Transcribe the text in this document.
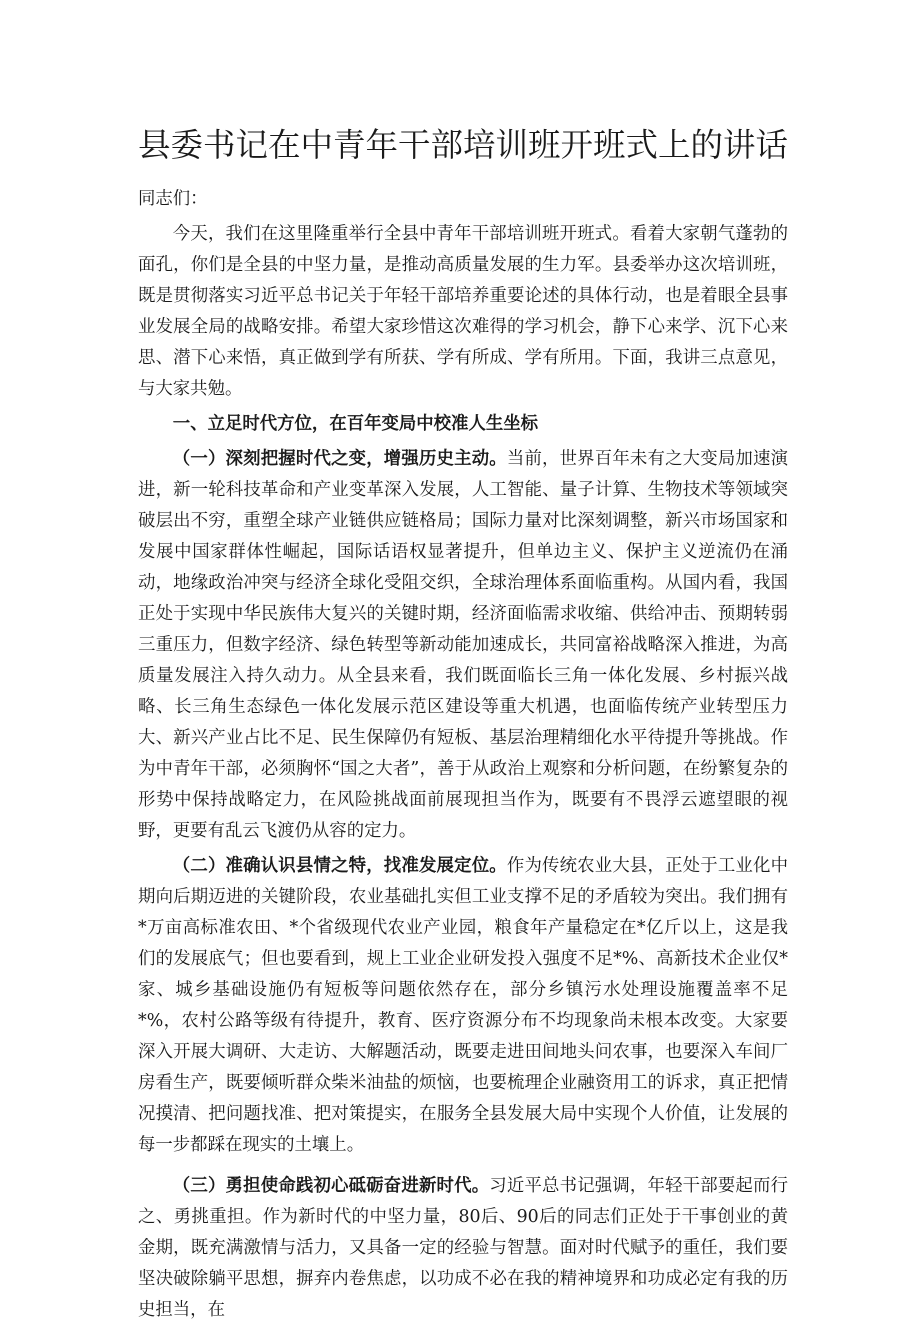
县委书记在中青年干部培训班开班式上的讲话

同志们：

今天，我们在这里隆重举行全县中青年干部培训班开班式。看着大家朝气蓬勃的面孔，你们是全县的中坚力量，是推动高质量发展的生力军。县委举办这次培训班，既是贯彻落实习近平总书记关于年轻干部培养重要论述的具体行动，也是着眼全县事业发展全局的战略安排。希望大家珍惜这次难得的学习机会，静下心来学、沉下心来思、潜下心来悟，真正做到学有所获、学有所成、学有所用。下面，我讲三点意见，与大家共勉。

一、立足时代方位，在百年变局中校准人生坐标

（一）深刻把握时代之变，增强历史主动。当前，世界百年未有之大变局加速演进，新一轮科技革命和产业变革深入发展，人工智能、量子计算、生物技术等领域突破层出不穷，重塑全球产业链供应链格局；国际力量对比深刻调整，新兴市场国家和发展中国家群体性崛起，国际话语权显著提升，但单边主义、保护主义逆流仍在涌动，地缘政治冲突与经济全球化受阻交织，全球治理体系面临重构。从国内看，我国正处于实现中华民族伟大复兴的关键时期，经济面临需求收缩、供给冲击、预期转弱三重压力，但数字经济、绿色转型等新动能加速成长，共同富裕战略深入推进，为高质量发展注入持久动力。从全县来看，我们既面临长三角一体化发展、乡村振兴战略、长三角生态绿色一体化发展示范区建设等重大机遇，也面临传统产业转型压力大、新兴产业占比不足、民生保障仍有短板、基层治理精细化水平待提升等挑战。作为中青年干部，必须胸怀“国之大者”，善于从政治上观察和分析问题，在纷繁复杂的形势中保持战略定力，在风险挑战面前展现担当作为，既要有不畏浮云遮望眼的视野，更要有乱云飞渡仍从容的定力。

（二）准确认识县情之特，找准发展定位。作为传统农业大县，正处于工业化中期向后期迈进的关键阶段，农业基础扎实但工业支撑不足的矛盾较为突出。我们拥有*万亩高标准农田、*个省级现代农业产业园，粮食年产量稳定在*亿斤以上，这是我们的发展底气；但也要看到，规上工业企业研发投入强度不足*%、高新技术企业仅*家、城乡基础设施仍有短板等问题依然存在，部分乡镇污水处理设施覆盖率不足*%，农村公路等级有待提升，教育、医疗资源分布不均现象尚未根本改变。大家要深入开展大调研、大走访、大解题活动，既要走进田间地头问农事，也要深入车间厂房看生产，既要倾听群众柴米油盐的烦恼，也要梳理企业融资用工的诉求，真正把情况摸清、把问题找准、把对策提实，在服务全县发展大局中实现个人价值，让发展的每一步都踩在现实的土壤上。

（三）勇担使命践初心砥砺奋进新时代。习近平总书记强调，年轻干部要起而行之、勇挑重担。作为新时代的中坚力量，80后、90后的同志们正处于干事创业的黄金期，既充满激情与活力，又具备一定的经验与智慧。面对时代赋予的重任，我们要坚决破除躺平思想，摒弃内卷焦虑，以功成不必在我的精神境界和功成必定有我的历史担当，在
